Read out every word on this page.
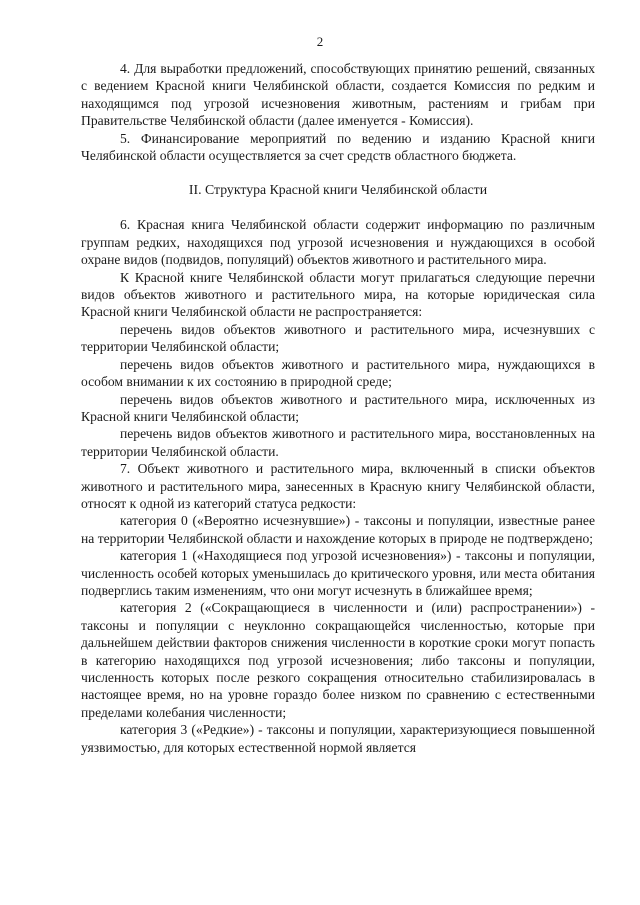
2

4. Для выработки предложений, способствующих принятию решений, связанных с ведением Красной книги Челябинской области, создается Комиссия по редким и находящимся под угрозой исчезновения животным, растениям и грибам при Правительстве Челябинской области (далее именуется - Комиссия).

5. Финансирование мероприятий по ведению и изданию Красной книги Челябинской области осуществляется за счет средств областного бюджета.

II. Структура Красной книги Челябинской области

6. Красная книга Челябинской области содержит информацию по различным группам редких, находящихся под угрозой исчезновения и нуждающихся в особой охране видов (подвидов, популяций) объектов животного и растительного мира.

К Красной книге Челябинской области могут прилагаться следующие перечни видов объектов животного и растительного мира, на которые юридическая сила Красной книги Челябинской области не распространяется:

перечень видов объектов животного и растительного мира, исчезнувших с территории Челябинской области;

перечень видов объектов животного и растительного мира, нуждающихся в особом внимании к их состоянию в природной среде;

перечень видов объектов животного и растительного мира, исключенных из Красной книги Челябинской области;

перечень видов объектов животного и растительного мира, восстановленных на территории Челябинской области.

7. Объект животного и растительного мира, включенный в списки объектов животного и растительного мира, занесенных в Красную книгу Челябинской области, относят к одной из категорий статуса редкости:

категория 0 («Вероятно исчезнувшие») - таксоны и популяции, известные ранее на территории Челябинской области и нахождение которых в природе не подтверждено;

категория 1 («Находящиеся под угрозой исчезновения») - таксоны и популяции, численность особей которых уменьшилась до критического уровня, или места обитания подверглись таким изменениям, что они могут исчезнуть в ближайшее время;

категория 2 («Сокращающиеся в численности и (или) распространении») - таксоны и популяции с неуклонно сокращающейся численностью, которые при дальнейшем действии факторов снижения численности в короткие сроки могут попасть в категорию находящихся под угрозой исчезновения; либо таксоны и популяции, численность которых после резкого сокращения относительно стабилизировалась в настоящее время, но на уровне гораздо более низком по сравнению с естественными пределами колебания численности;

категория 3 («Редкие») - таксоны и популяции, характеризующиеся повышенной уязвимостью, для которых естественной нормой является
